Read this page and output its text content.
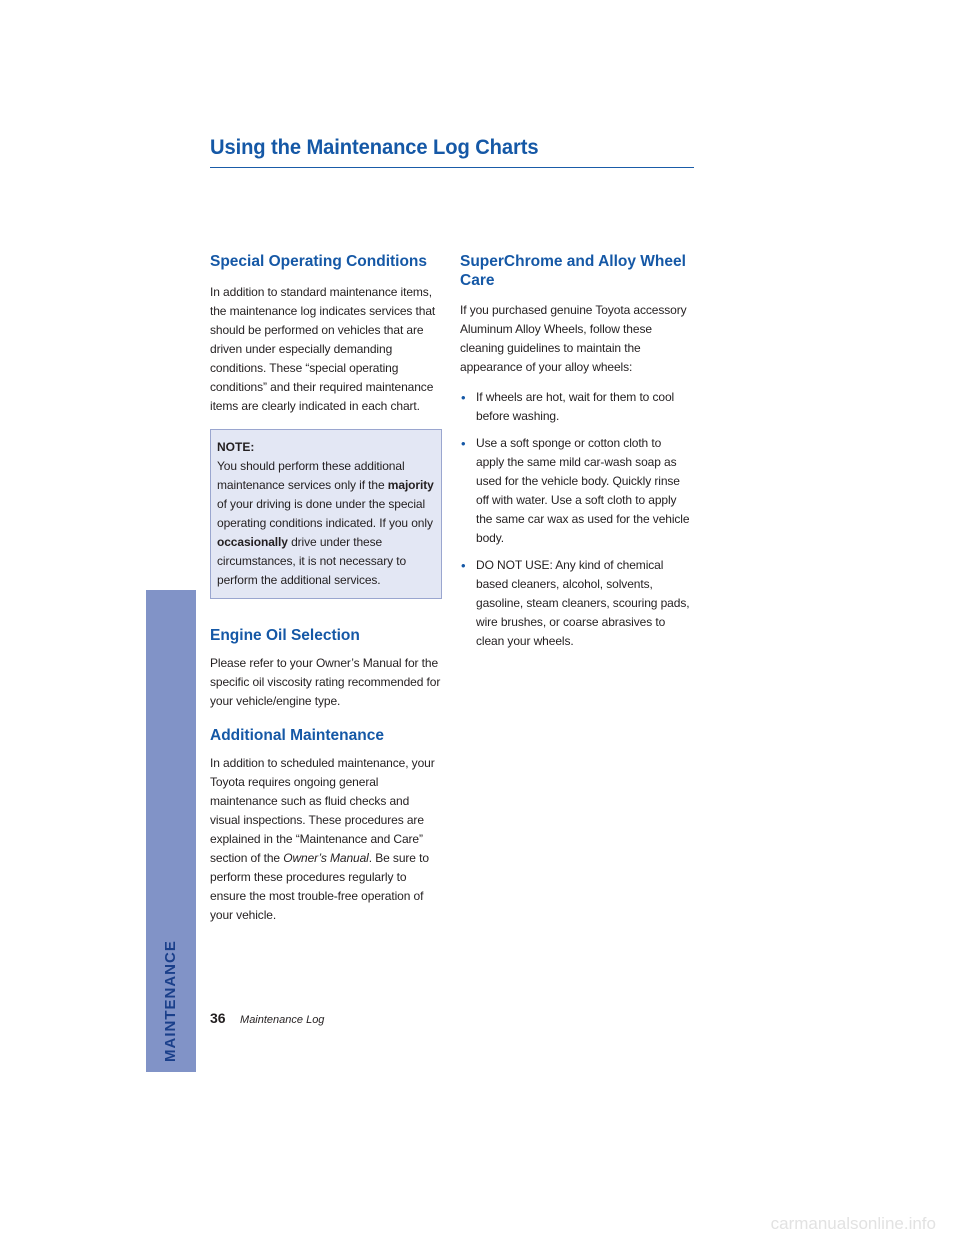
Using the Maintenance Log Charts
Special Operating Conditions

In addition to standard maintenance items, the maintenance log indicates services that should be performed on vehicles that are driven under especially demanding conditions. These “special operating conditions” and their required maintenance items are clearly indicated in each chart.

NOTE:

You should perform these additional maintenance services only if the majority of your driving is done under the special operating conditions indicated. If you only occasionally drive under these circumstances, it is not necessary to perform the additional services.

Engine Oil Selection

Please refer to your Owner’s Manual for the specific oil viscosity rating recommended for your vehicle/engine type.

Additional Maintenance

In addition to scheduled maintenance, your Toyota requires ongoing general maintenance such as fluid checks and visual inspections. These procedures are explained in the “Maintenance and Care” section of the Owner’s Manual. Be sure to perform these procedures regularly to ensure the most trouble-free operation of your vehicle.

SuperChrome and Alloy Wheel
Care

If you purchased genuine Toyota accessory Aluminum Alloy Wheels, follow these cleaning guidelines to maintain the appearance of your alloy wheels:

• If wheels are hot, wait for them to cool before washing.
• Use a soft sponge or cotton cloth to apply the same mild car-wash soap as used for the vehicle body. Quickly rinse off with water. Use a soft cloth to apply the same car wax as used for the vehicle body.
• DO NOT USE: Any kind of chemical based cleaners, alcohol, solvents, gasoline, steam cleaners, scouring pads, wire brushes, or coarse abrasives to clean your wheels.
MAINTENANCE 36 Maintenance Log
carmanualsonline.info
